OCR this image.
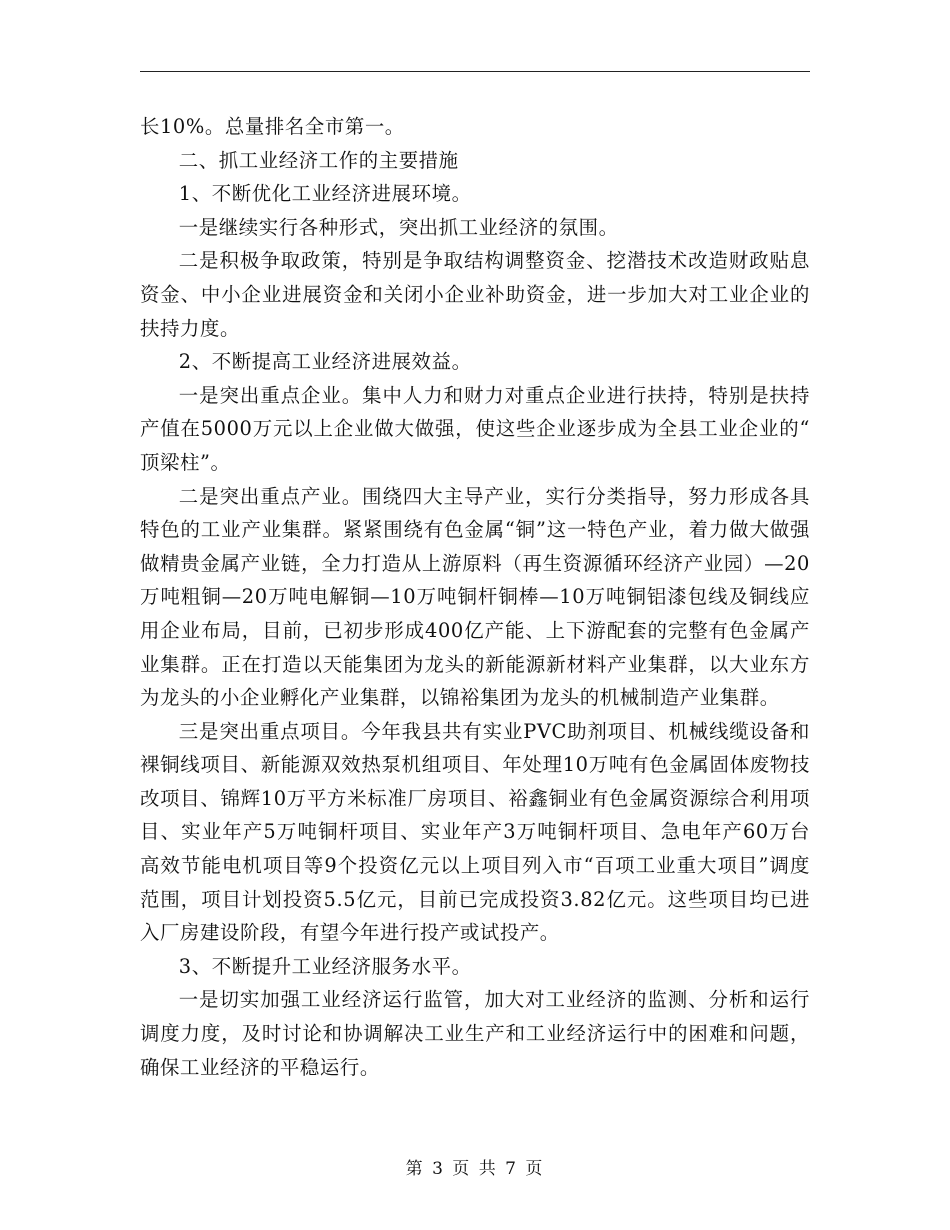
长10%。总量排名全市第一。

二、抓工业经济工作的主要措施

1、不断优化工业经济进展环境。

一是继续实行各种形式，突出抓工业经济的氛围。

二是积极争取政策，特别是争取结构调整资金、挖潜技术改造财政贴息资金、中小企业进展资金和关闭小企业补助资金，进一步加大对工业企业的扶持力度。

2、不断提高工业经济进展效益。

一是突出重点企业。集中人力和财力对重点企业进行扶持，特别是扶持产值在5000万元以上企业做大做强，使这些企业逐步成为全县工业企业的“顶梁柱”。

二是突出重点产业。围绕四大主导产业，实行分类指导，努力形成各具特色的工业产业集群。紧紧围绕有色金属“铜”这一特色产业，着力做大做强做精贵金属产业链，全力打造从上游原料（再生资源循环经济产业园）—20万吨粗铜—20万吨电解铜—10万吨铜杆铜棒—10万吨铜铝漆包线及铜线应用企业布局，目前，已初步形成400亿产能、上下游配套的完整有色金属产业集群。正在打造以天能集团为龙头的新能源新材料产业集群，以大业东方为龙头的小企业孵化产业集群，以锦裕集团为龙头的机械制造产业集群。

三是突出重点项目。今年我县共有实业PVC助剂项目、机械线缆设备和裸铜线项目、新能源双效热泵机组项目、年处理10万吨有色金属固体废物技改项目、锦辉10万平方米标准厂房项目、裕鑫铜业有色金属资源综合利用项目、实业年产5万吨铜杆项目、实业年产3万吨铜杆项目、急电年产60万台高效节能电机项目等9个投资亿元以上项目列入市“百项工业重大项目”调度范围，项目计划投资5.5亿元，目前已完成投资3.82亿元。这些项目均已进入厂房建设阶段，有望今年进行投产或试投产。

3、不断提升工业经济服务水平。

一是切实加强工业经济运行监管，加大对工业经济的监测、分析和运行调度力度，及时讨论和协调解决工业生产和工业经济运行中的困难和问题，确保工业经济的平稳运行。

第 3 页 共 7 页
